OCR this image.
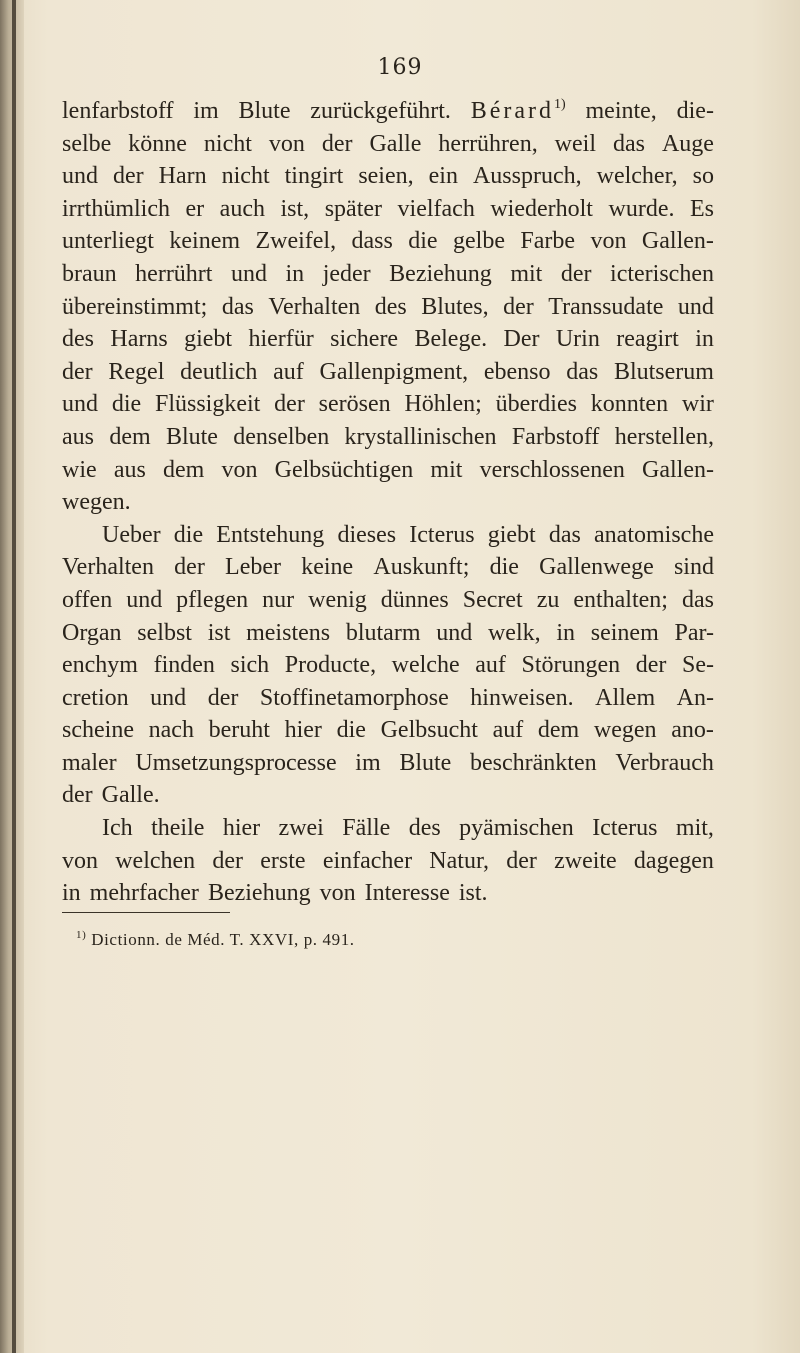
169
lenfarbstoff im Blute zurückgeführt. Bérard$^{1)}$ meinte, die-
selbe könne nicht von der Galle herrühren, weil das Auge
und der Harn nicht tingirt seien, ein Ausspruch, welcher, so
irrthümlich er auch ist, später vielfach wiederholt wurde. Es
unterliegt keinem Zweifel, dass die gelbe Farbe von Gallen-
braun herrührt und in jeder Beziehung mit der icterischen
übereinstimmt; das Verhalten des Blutes, der Transsudate und
des Harns giebt hierfür sichere Belege. Der Urin reagirt in
der Regel deutlich auf Gallenpigment, ebenso das Blutserum
und die Flüssigkeit der serösen Höhlen; überdies konnten wir
aus dem Blute denselben krystallinischen Farbstoff herstellen,
wie aus dem von Gelbsüchtigen mit verschlossenen Gallen-
wegen.
Ueber die Entstehung dieses Icterus giebt das anatomische
Verhalten der Leber keine Auskunft; die Gallenwege sind
offen und pflegen nur wenig dünnes Secret zu enthalten; das
Organ selbst ist meistens blutarm und welk, in seinem Par-
enchym finden sich Producte, welche auf Störungen der Se-
cretion und der Stoffinetamorphose hinweisen. Allem An-
scheine nach beruht hier die Gelbsucht auf dem wegen ano-
maler Umsetzungsprocesse im Blute beschränkten Verbrauch
der Galle.
Ich theile hier zwei Fälle des pyämischen Icterus mit,
von welchen der erste einfacher Natur, der zweite dagegen
in mehrfacher Beziehung von Interesse ist.
$^{1)}$ Dictionn. de Méd. T. XXVI, p. 491.
